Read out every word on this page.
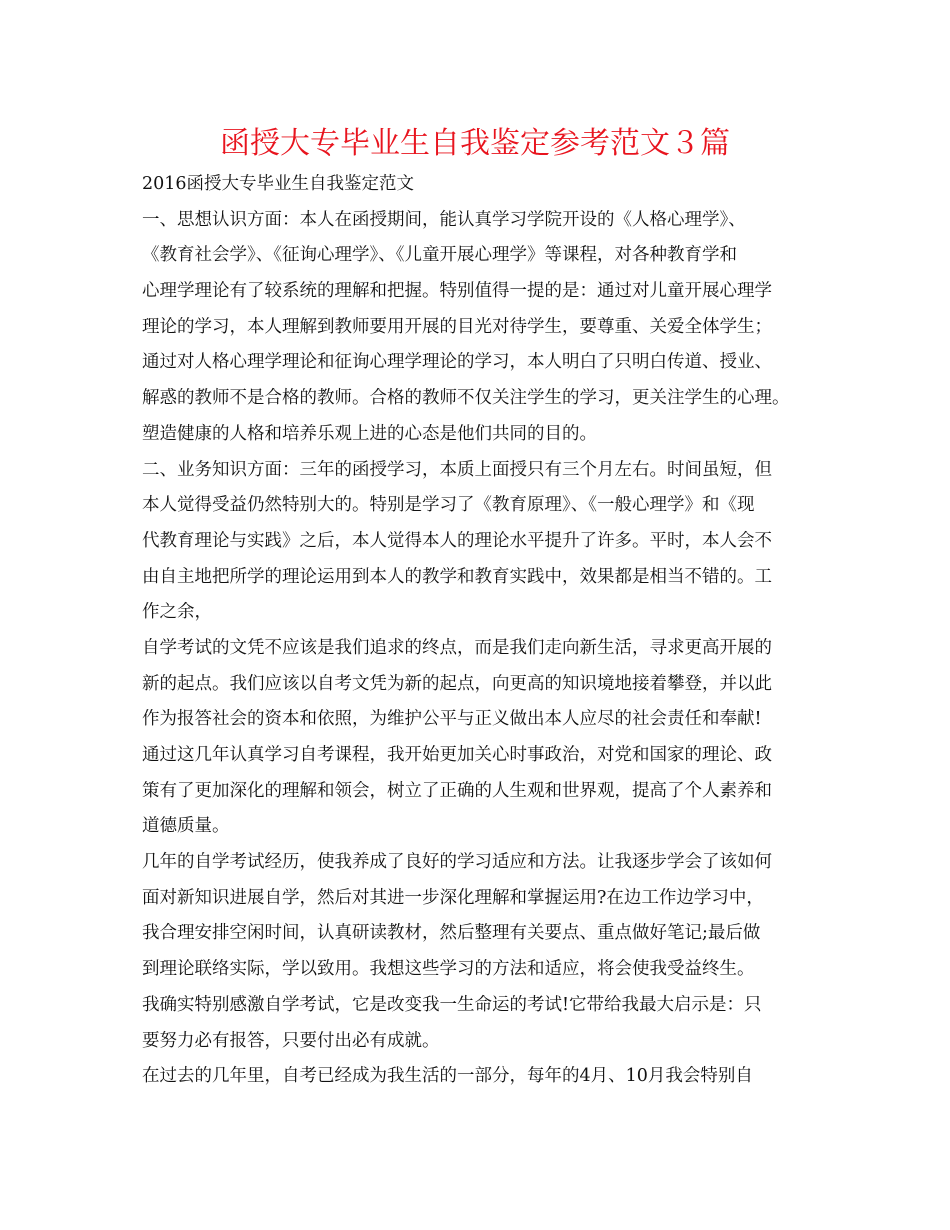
函授大专毕业生自我鉴定参考范文３篇
2016函授大专毕业生自我鉴定范文
一、思想认识方面：本人在函授期间，能认真学习学院开设的《人格心理学》、
《教育社会学》、《征询心理学》、《儿童开展心理学》等课程，对各种教育学和
心理学理论有了较系统的理解和把握。特别值得一提的是：通过对儿童开展心理学
理论的学习，本人理解到教师要用开展的目光对待学生，要尊重、关爱全体学生；
通过对人格心理学理论和征询心理学理论的学习，本人明白了只明白传道、授业、
解惑的教师不是合格的教师。合格的教师不仅关注学生的学习，更关注学生的心理。
塑造健康的人格和培养乐观上进的心态是他们共同的目的。
二、业务知识方面：三年的函授学习，本质上面授只有三个月左右。时间虽短，但
本人觉得受益仍然特别大的。特别是学习了《教育原理》、《一般心理学》和《现
代教育理论与实践》之后，本人觉得本人的理论水平提升了许多。平时，本人会不
由自主地把所学的理论运用到本人的教学和教育实践中，效果都是相当不错的。工
作之余，
自学考试的文凭不应该是我们追求的终点，而是我们走向新生活，寻求更高开展的
新的起点。我们应该以自考文凭为新的起点，向更高的知识境地接着攀登，并以此
作为报答社会的资本和依照，为维护公平与正义做出本人应尽的社会责任和奉献!
通过这几年认真学习自考课程，我开始更加关心时事政治，对党和国家的理论、政
策有了更加深化的理解和领会，树立了正确的人生观和世界观，提高了个人素养和
道德质量。
几年的自学考试经历，使我养成了良好的学习适应和方法。让我逐步学会了该如何
面对新知识进展自学，然后对其进一步深化理解和掌握运用?在边工作边学习中，
我合理安排空闲时间，认真研读教材，然后整理有关要点、重点做好笔记;最后做
到理论联络实际，学以致用。我想这些学习的方法和适应，将会使我受益终生。
我确实特别感激自学考试，它是改变我一生命运的考试!它带给我最大启示是：只
要努力必有报答，只要付出必有成就。
在过去的几年里，自考已经成为我生活的一部分，每年的4月、10月我会特别自
